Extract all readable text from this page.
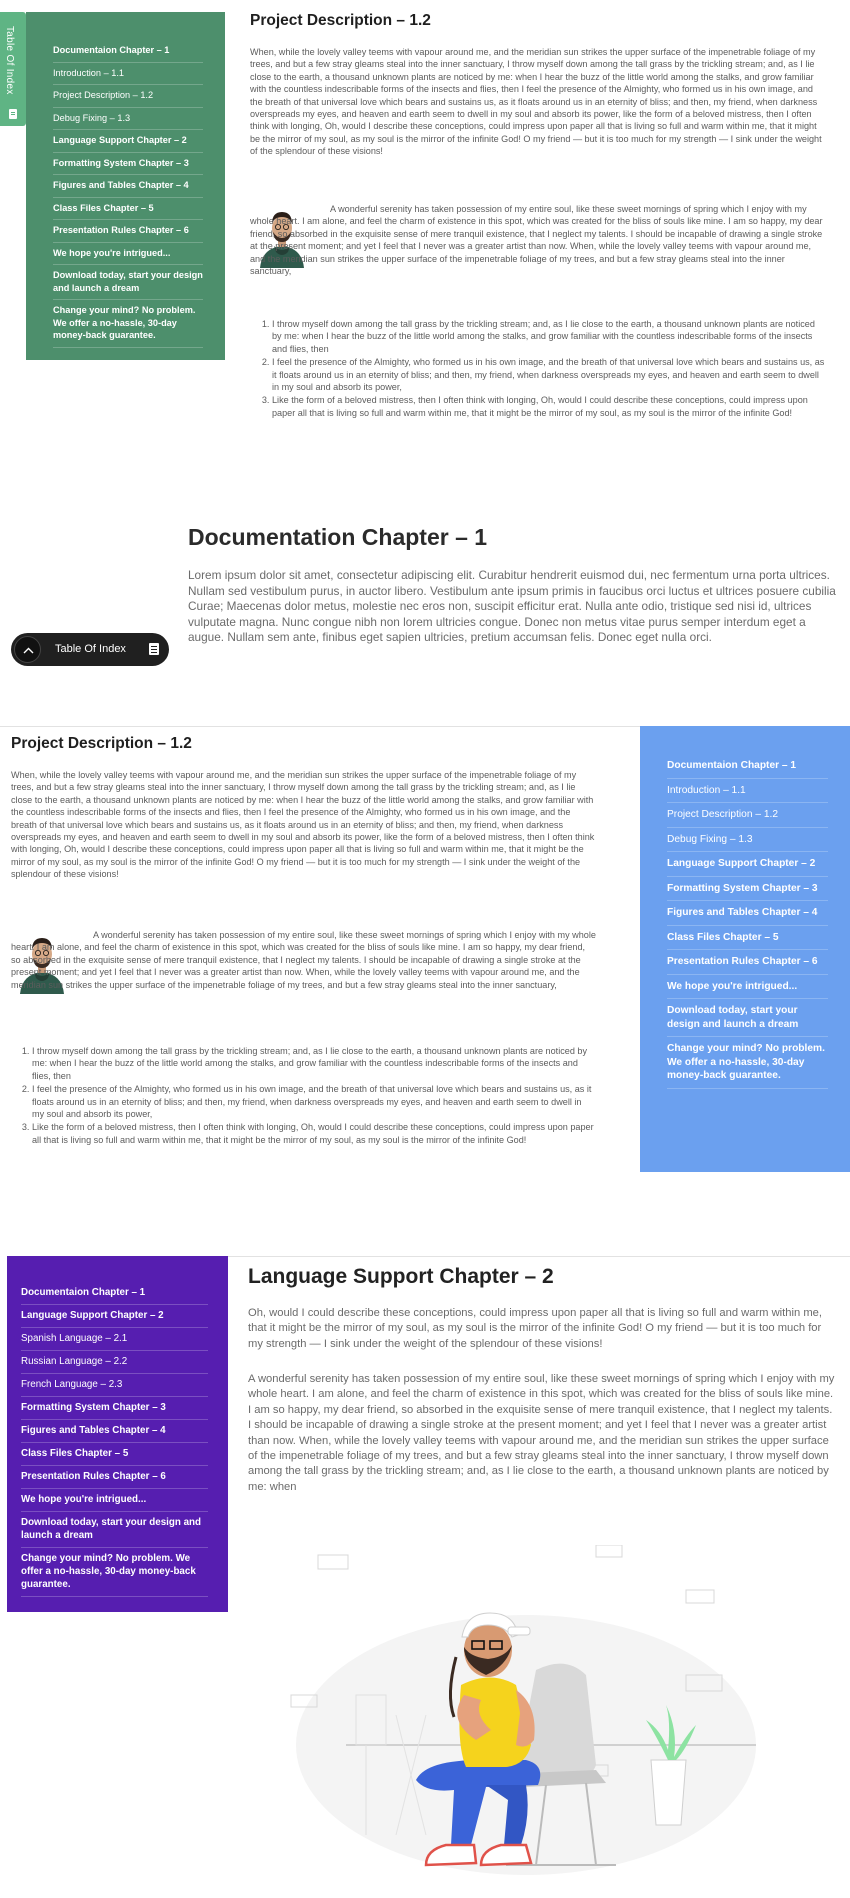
Table Of Index	Documentaion Chapter – 1
Introduction – 1.1
Project Description – 1.2
Debug Fixing – 1.3
Language Support Chapter – 2
Formatting System Chapter – 3
Figures and Tables Chapter – 4
Class Files Chapter – 5
Presentation Rules Chapter – 6
We hope you're intrigued...
Download today, start your design and launch a dream
Change your mind? No problem. We offer a no-hassle, 30-day money-back guarantee.
Project Description – 1.2

When, while the lovely valley teems with vapour around me, and the meridian sun strikes the upper surface of the impenetrable foliage of my trees, and but a few stray gleams steal into the inner sanctuary, I throw myself down among the tall grass by the trickling stream; and, as I lie close to the earth, a thousand unknown plants are noticed by me: when I hear the buzz of the little world among the stalks, and grow familiar with the countless indescribable forms of the insects and flies, then I feel the presence of the Almighty, who formed us in his own image, and the breath of that universal love which bears and sustains us, as it floats around us in an eternity of bliss; and then, my friend, when darkness overspreads my eyes, and heaven and earth seem to dwell in my soul and absorb its power, like the form of a beloved mistress, then I often think with longing, Oh, would I describe these conceptions, could impress upon paper all that is living so full and warm within me, that it might be the mirror of my soul, as my soul is the mirror of the infinite God! O my friend — but it is too much for my strength — I sink under the weight of the splendour of these visions!

A wonderful serenity has taken possession of my entire soul, like these sweet mornings of spring which I enjoy with my whole heart. I am alone, and feel the charm of existence in this spot, which was created for the bliss of souls like mine. I am so happy, my dear friend, so absorbed in the exquisite sense of mere tranquil existence, that I neglect my talents. I should be incapable of drawing a single stroke at the present moment; and yet I feel that I never was a greater artist than now. When, while the lovely valley teems with vapour around me, and the meridian sun strikes the upper surface of the impenetrable foliage of my trees, and but a few stray gleams steal into the inner sanctuary,

1. I throw myself down among the tall grass by the trickling stream; and, as I lie close to the earth, a thousand unknown plants are noticed by me: when I hear the buzz of the little world among the stalks, and grow familiar with the countless indescribable forms of the insects and flies, then
2. I feel the presence of the Almighty, who formed us in his own image, and the breath of that universal love which bears and sustains us, as it floats around us in an eternity of bliss; and then, my friend, when darkness overspreads my eyes, and heaven and earth seem to dwell in my soul and absorb its power,
3. Like the form of a beloved mistress, then I often think with longing, Oh, would I could describe these conceptions, could impress upon paper all that is living so full and warm within me, that it might be the mirror of my soul, as my soul is the mirror of the infinite God!
Documentation Chapter – 1

Lorem ipsum dolor sit amet, consectetur adipiscing elit. Curabitur hendrerit euismod dui, nec fermentum urna porta ultrices. Nullam sed vestibulum purus, in auctor libero. Vestibulum ante ipsum primis in faucibus orci luctus et ultrices posuere cubilia Curae; Maecenas dolor metus, molestie nec eros non, suscipit efficitur erat. Nulla ante odio, tristique sed nisi id, ultrices vulputate magna. Nunc congue nibh non lorem ultricies congue. Donec non metus vitae purus semper interdum eget a augue. Nullam sem ante, finibus eget sapien ultricies, pretium accumsan felis. Donec eget nulla orci.

Table Of Index
Project Description – 1.2

When, while the lovely valley teems with vapour around me, and the meridian sun strikes the upper surface of the impenetrable foliage of my trees, and but a few stray gleams steal into the inner sanctuary, I throw myself down among the tall grass by the trickling stream; and, as I lie close to the earth, a thousand unknown plants are noticed by me: when I hear the buzz of the little world among the stalks, and grow familiar with the countless indescribable forms of the insects and flies, then I feel the presence of the Almighty, who formed us in his own image, and the breath of that universal love which bears and sustains us, as it floats around us in an eternity of bliss; and then, my friend, when darkness overspreads my eyes, and heaven and earth seem to dwell in my soul and absorb its power, like the form of a beloved mistress, then I often think with longing, Oh, would I describe these conceptions, could impress upon paper all that is living so full and warm within me, that it might be the mirror of my soul, as my soul is the mirror of the infinite God! O my friend — but it is too much for my strength — I sink under the weight of the splendour of these visions!

A wonderful serenity has taken possession of my entire soul, like these sweet mornings of spring which I enjoy with my whole heart. I am alone, and feel the charm of existence in this spot, which was created for the bliss of souls like mine. I am so happy, my dear friend, so absorbed in the exquisite sense of mere tranquil existence, that I neglect my talents. I should be incapable of drawing a single stroke at the present moment; and yet I feel that I never was a greater artist than now. When, while the lovely valley teems with vapour around me, and the meridian sun strikes the upper surface of the impenetrable foliage of my trees, and but a few stray gleams steal into the inner sanctuary,

1. I throw myself down among the tall grass by the trickling stream; and, as I lie close to the earth, a thousand unknown plants are noticed by me: when I hear the buzz of the little world among the stalks, and grow familiar with the countless indescribable forms of the insects and flies, then
2. I feel the presence of the Almighty, who formed us in his own image, and the breath of that universal love which bears and sustains us, as it floats around us in an eternity of bliss; and then, my friend, when darkness overspreads my eyes, and heaven and earth seem to dwell in my soul and absorb its power,
3. Like the form of a beloved mistress, then I often think with longing, Oh, would I could describe these conceptions, could impress upon paper all that is living so full and warm within me, that it might be the mirror of my soul, as my soul is the mirror of the infinite God!
Documentaion Chapter – 1
Introduction – 1.1
Project Description – 1.2
Debug Fixing – 1.3
Language Support Chapter – 2
Formatting System Chapter – 3
Figures and Tables Chapter – 4
Class Files Chapter – 5
Presentation Rules Chapter – 6
We hope you're intrigued...
Download today, start your design and launch a dream
Change your mind? No problem. We offer a no-hassle, 30-day money-back guarantee.
Documentaion Chapter – 1
Language Support Chapter – 2
Spanish Language – 2.1
Russian Language – 2.2
French Language – 2.3
Formatting System Chapter – 3
Figures and Tables Chapter – 4
Class Files Chapter – 5
Presentation Rules Chapter – 6
We hope you're intrigued...
Download today, start your design and launch a dream
Change your mind? No problem. We offer a no-hassle, 30-day money-back guarantee.
Language Support Chapter – 2

Oh, would I could describe these conceptions, could impress upon paper all that is living so full and warm within me, that it might be the mirror of my soul, as my soul is the mirror of the infinite God! O my friend — but it is too much for my strength — I sink under the weight of the splendour of these visions!

A wonderful serenity has taken possession of my entire soul, like these sweet mornings of spring which I enjoy with my whole heart. I am alone, and feel the charm of existence in this spot, which was created for the bliss of souls like mine. I am so happy, my dear friend, so absorbed in the exquisite sense of mere tranquil existence, that I neglect my talents. I should be incapable of drawing a single stroke at the present moment; and yet I feel that I never was a greater artist than now. When, while the lovely valley teems with vapour around me, and the meridian sun strikes the upper surface of the impenetrable foliage of my trees, and but a few stray gleams steal into the inner sanctuary, I throw myself down among the tall grass by the trickling stream; and, as I lie close to the earth, a thousand unknown plants are noticed by me: when
